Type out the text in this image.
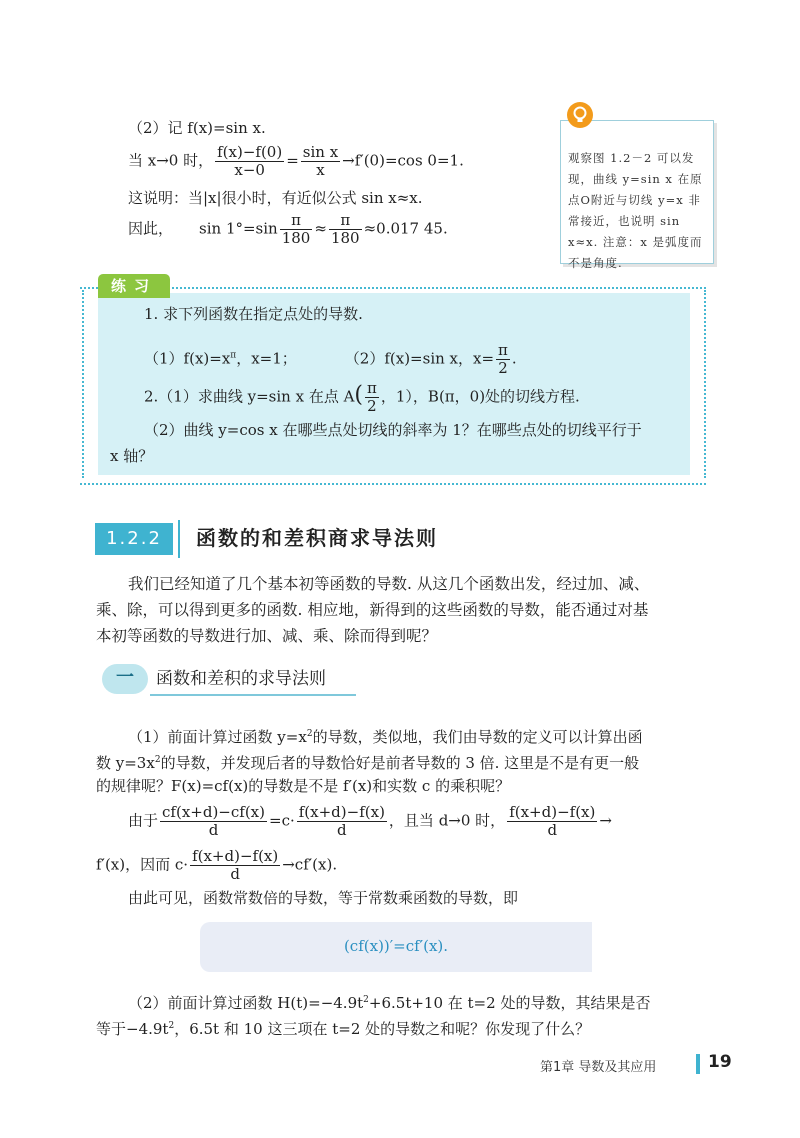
（2）记 f(x)=sin x.
当 x→0 时， $\frac{f(x)-f(0)}{x-0} = \frac{\text{sin x}}{x} \to f'(0)=\cos$ 0=1.
这说明：当|x|很小时，有近似公式 sin x≈x.
因此， $\sin 1^\circ=\sin \frac{\pi}{180} \approx \frac{\pi}{180} \approx 0.017$ 45.
观察图 1.2－2 可以发现，曲线 y=sin x 在原点O附近与切线 y=x 非常接近，也说明 sin x≈x. 注意：x 是弧度而不是角度.
练习
1. 求下列函数在指定点处的导数.
$(1)f(x)=x^\pi$，x=1；	（2）f(x)=sin x，$x= \frac{\pi}{2}$ .
2.（1）求曲线 y=sin x 在点 $A( \frac{\pi}{2}$ ，1），B(π，0)处的切线方程.
（2）曲线 y=cos x 在哪些点处切线的斜率为 1？在哪些点处的切线平行于
x 轴？
1.2.2	函数的和差积商求导法则
我们已经知道了几个基本初等函数的导数. 从这几个函数出发，经过加、减、
乘、除，可以得到更多的函数. 相应地，新得到的这些函数的导数，能否通过对基
本初等函数的导数进行加、减、乘、除而得到呢？
一	函数和差积的求导法则
（1）前面计算过函数 $y=x^2$的导数，类似地，我们由导数的定义可以计算出函
数 $y=3x^2$的导数，并发现后者的导数恰好是前者导数的 3 倍. 这里是不是有更一般
的规律呢？F(x)=cf(x)的导数是不是 f′(x)和实数 c 的乘积呢？
由于 $\frac{cf(x+d)-cf(x)}{d} =c\cdot \frac{f(x+d)-f(x)}{d}$ ，且当 d→0 时， $\frac{f(x+d)-f(x)}{d}$ →
f′(x)，因而 $c\cdot \frac{f(x+d)-f(x)}{d} \to cf'(x)$.
由此可见，函数常数倍的导数，等于常数乘函数的导数，即
(cf(x))′=cf′(x).
（2）前面计算过函数 $H(t)=-4.9t^2+6.5t+10$ 在 t=2 处的导数，其结果是否
等于$-4.9t^2$，6.5t 和 10 这三项在 t=2 处的导数之和呢？你发现了什么？
第1章 导数及其应用	19
